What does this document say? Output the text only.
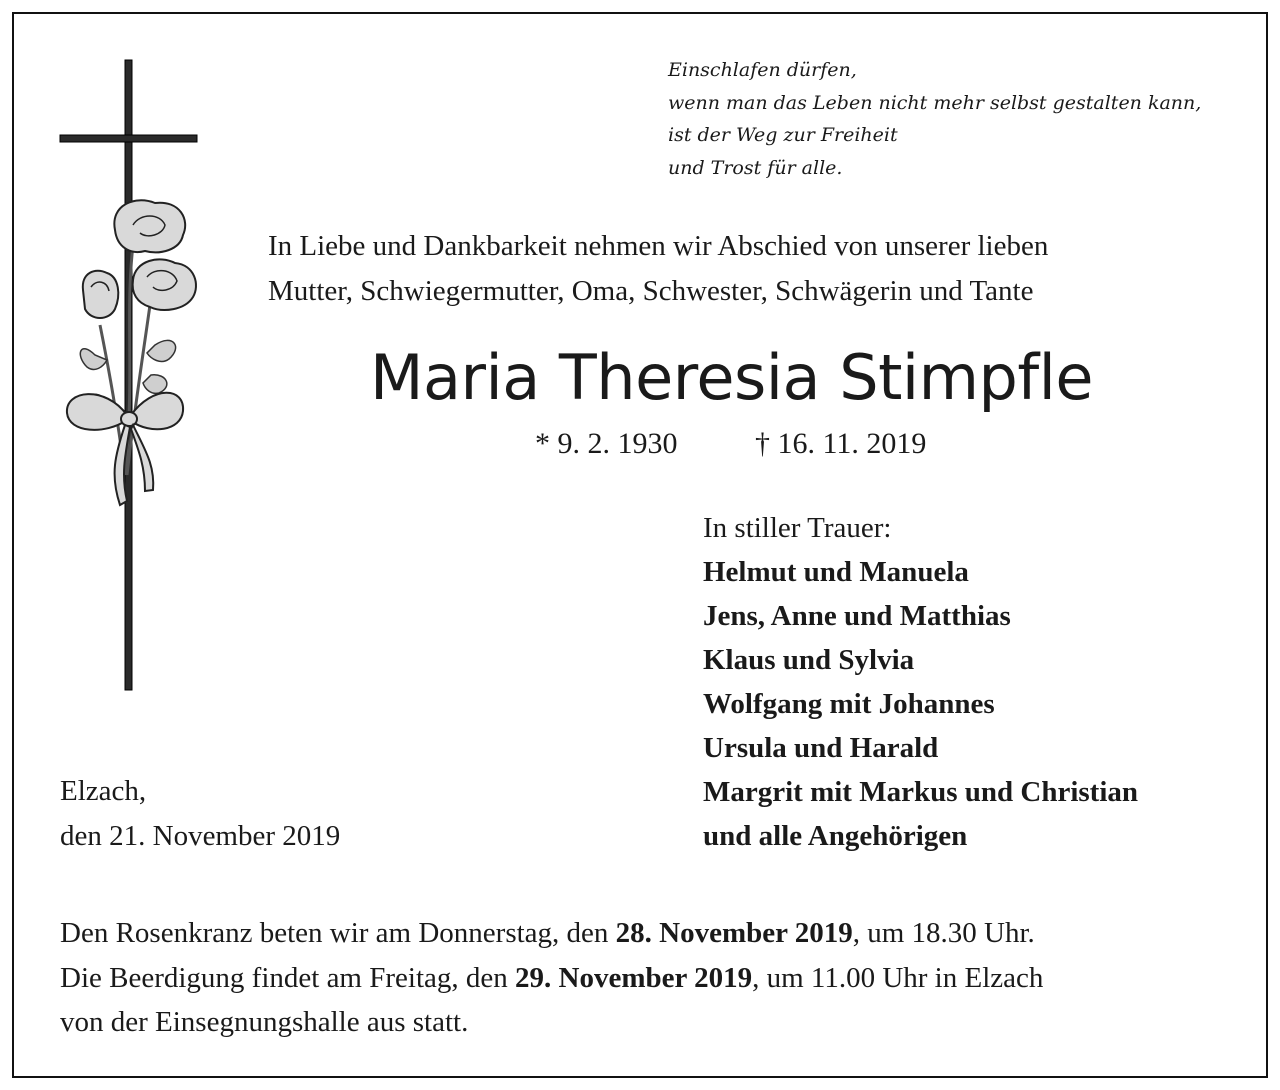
Einschlafen dürfen,
wenn man das Leben nicht mehr selbst gestalten kann,
ist der Weg zur Freiheit
und Trost für alle.

In Liebe und Dankbarkeit nehmen wir Abschied von unserer lieben
Mutter, Schwiegermutter, Oma, Schwester, Schwägerin und Tante

Maria Theresia Stimpfle
* 9. 2. 1930	† 16. 11. 2019
In stiller Trauer:
Helmut und Manuela
Jens, Anne und Matthias
Klaus und Sylvia
Wolfgang mit Johannes
Ursula und Harald
Margrit mit Markus und Christian
und alle Angehörigen
Elzach,
den 21. November 2019

Den Rosenkranz beten wir am Donnerstag, den 28. November 2019, um 18.30 Uhr.
Die Beerdigung findet am Freitag, den 29. November 2019, um 11.00 Uhr in Elzach
von der Einsegnungshalle aus statt.
